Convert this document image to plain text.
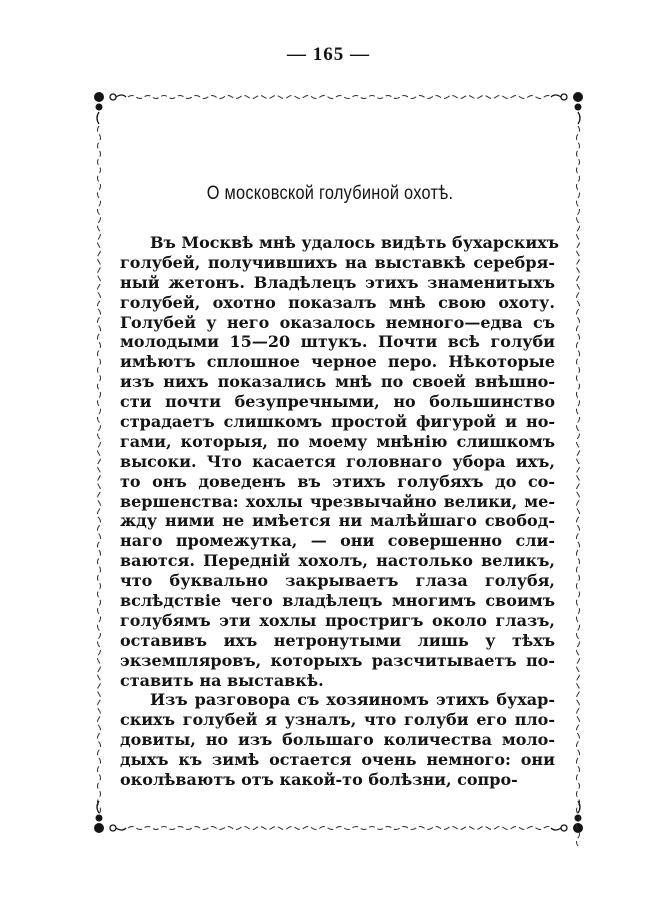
— 165 —
О московской голубиной охотѣ.
Въ Москвѣ мнѣ удалось видѣть бухарскихъ
голубей, получившихъ на выставкѣ серебря-
ный жетонъ. Владѣлецъ этихъ знаменитыхъ
голубей, охотно показалъ мнѣ свою охоту.
Голубей у него оказалось немного—едва съ
молодыми 15—20 штукъ. Почти всѣ голуби
имѣютъ сплошное черное перо. Нѣкоторые
изъ нихъ показались мнѣ по своей внѣшно-
сти почти безупречными, но большинство
страдаетъ слишкомъ простой фигурой и но-
гами, которыя, по моему мнѣнію слишкомъ
высоки. Что касается головнаго убора ихъ,
то онъ доведенъ въ этихъ голубяхъ до со-
вершенства: хохлы чрезвычайно велики, ме-
жду ними не имѣется ни малѣйшаго свобод-
наго промежутка, — они совершенно сли-
ваются. Передній хохолъ, настолько великъ,
что буквально закрываетъ глаза голубя,
вслѣдствіе чего владѣлецъ многимъ своимъ
голубямъ эти хохлы простригъ около глазъ,
оставивъ ихъ нетронутыми лишь у тѣхъ
экземпляровъ, которыхъ разсчитываетъ по-
ставить на выставкѣ.
Изъ разговора съ хозяиномъ этихъ бухар-
скихъ голубей я узналъ, что голуби его пло-
довиты, но изъ большаго количества моло-
дыхъ къ зимѣ остается очень немного: они
околѣваютъ отъ какой-то болѣзни, сопро-
